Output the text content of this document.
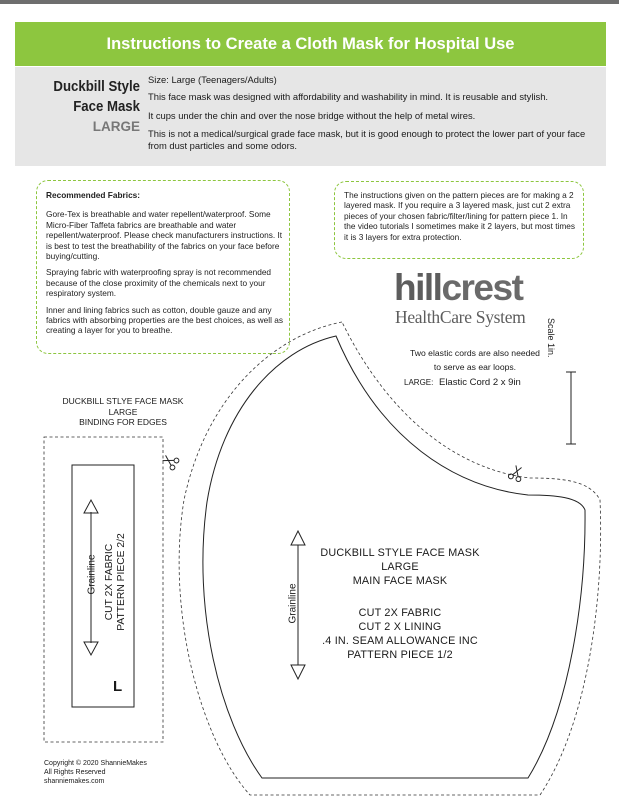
Instructions to Create a Cloth Mask for Hospital Use
Duckbill Style
Face Mask
LARGE

Size: Large (Teenagers/Adults)

This face mask was designed with affordability and washability in mind. It is reusable and stylish.

It cups under the chin and over the nose bridge without the help of metal wires.

This is not a medical/surgical grade face mask, but it is good enough to protect the lower part of your face from dust particles and some odors.

Recommended Fabrics:

Gore-Tex is breathable and water repellent/waterproof. Some Micro-Fiber Taffeta fabrics are breathable and water repellent/waterproof. Please check manufacturers instructions. It is best to test the breathability of the fabrics on your face before buying/cutting.

Spraying fabric with waterproofing spray is not recommended because of the close proximity of the chemicals next to your respiratory system.

Inner and lining fabrics such as cotton, double gauze and any fabrics with absorbing properties are the best choices, as well as creating a layer for you to breathe.

The instructions given on the pattern pieces are for making a 2 layered mask. If you require a 3 layered mask, just cut 2 extra pieces of your chosen fabric/filter/lining for pattern piece 1. In the video tutorials I sometimes make it 2 layers, but most times it is 3 layers for extra protection.
hillcrest
HealthCare System
Two elastic cords are also needed
to serve as ear loops.
LARGE: Elastic Cord 2 x 9in
Scale 1in.
DUCKBILL STLYE FACE MASK
LARGE
BINDING FOR EDGES
Grainline CUT 2X FABRIC PATTERN PIECE 2/2
L
Grainline
DUCKBILL STYLE FACE MASK
LARGE
MAIN FACE MASK
CUT 2X FABRIC
CUT 2 X LINING
.4 IN. SEAM ALLOWANCE INC
PATTERN PIECE 1/2
Copyright © 2020 ShannieMakes
All Rights Reserved
shanniemakes.com
